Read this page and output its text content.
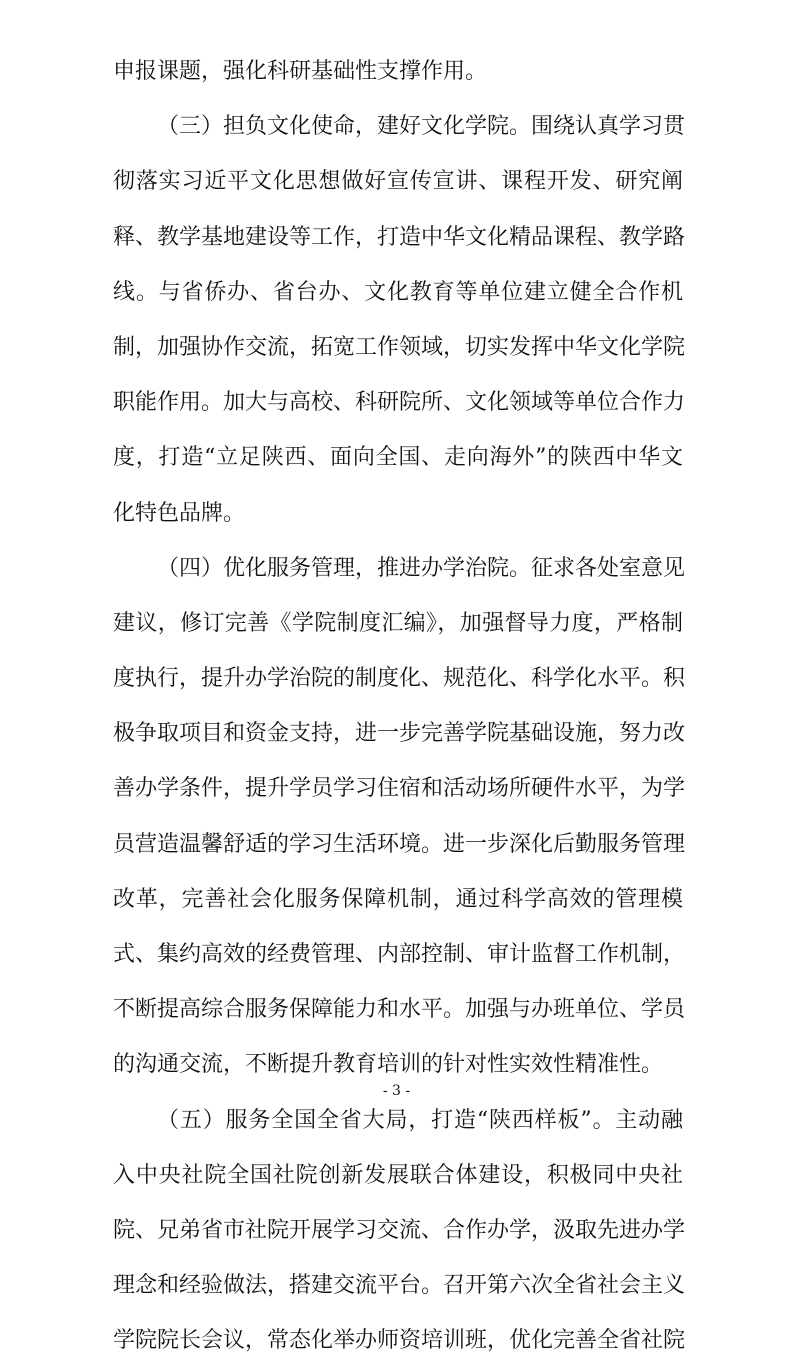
申报课题，强化科研基础性支撑作用。
（三）担负文化使命，建好文化学院。围绕认真学习贯
彻落实习近平文化思想做好宣传宣讲、课程开发、研究阐
释、教学基地建设等工作，打造中华文化精品课程、教学路
线。与省侨办、省台办、文化教育等单位建立健全合作机
制，加强协作交流，拓宽工作领域，切实发挥中华文化学院
职能作用。加大与高校、科研院所、文化领域等单位合作力
度，打造“立足陕西、面向全国、走向海外”的陕西中华文
化特色品牌。
（四）优化服务管理，推进办学治院。征求各处室意见
建议，修订完善《学院制度汇编》，加强督导力度，严格制
度执行，提升办学治院的制度化、规范化、科学化水平。积
极争取项目和资金支持，进一步完善学院基础设施，努力改
善办学条件，提升学员学习住宿和活动场所硬件水平，为学
员营造温馨舒适的学习生活环境。进一步深化后勤服务管理
改革，完善社会化服务保障机制，通过科学高效的管理模
式、集约高效的经费管理、内部控制、审计监督工作机制，
不断提高综合服务保障能力和水平。加强与办班单位、学员
的沟通交流，不断提升教育培训的针对性实效性精准性。
（五）服务全国全省大局，打造“陕西样板”。主动融
入中央社院全国社院创新发展联合体建设，积极同中央社
院、兄弟省市社院开展学习交流、合作办学，汲取先进办学
理念和经验做法，搭建交流平台。召开第六次全省社会主义
学院院长会议，常态化举办师资培训班，优化完善全省社院
- 3 -
